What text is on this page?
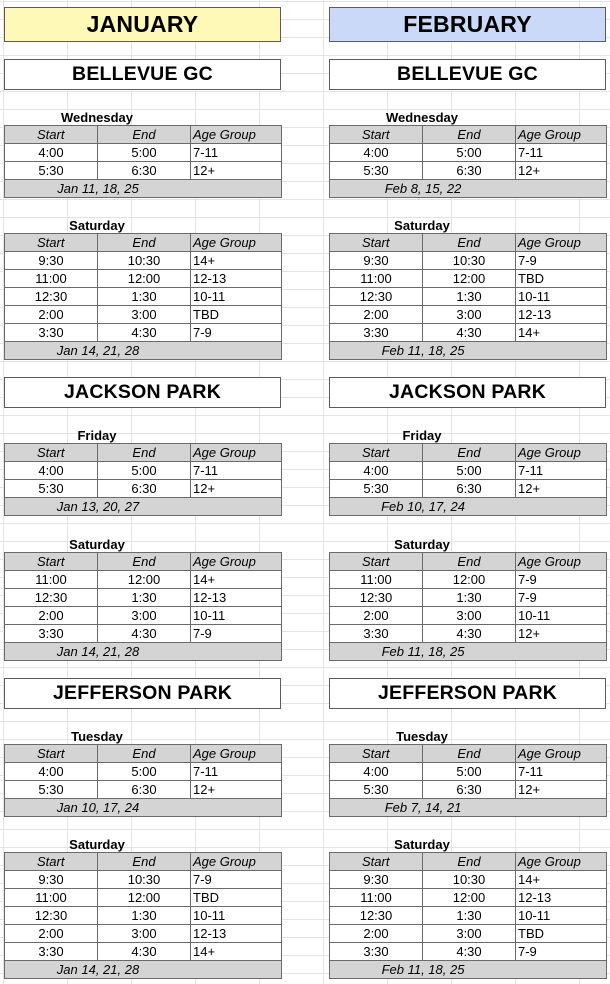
JANUARY
BELLEVUE GC
Wednesday
Start	End	Age Group
4:00	5:00	7-11
5:30	6:30	12+
Jan 11, 18, 25		
Saturday
Start	End	Age Group
9:30	10:30	14+
11:00	12:00	12-13
12:30	1:30	10-11
2:00	3:00	TBD
3:30	4:30	7-9
Jan 14, 21, 28		
JACKSON PARK
Friday
Start	End	Age Group
4:00	5:00	7-11
5:30	6:30	12+
Jan 13, 20, 27		
Saturday
Start	End	Age Group
11:00	12:00	14+
12:30	1:30	12-13
2:00	3:00	10-11
3:30	4:30	7-9
Jan 14, 21, 28		
JEFFERSON PARK
Tuesday
Start	End	Age Group
4:00	5:00	7-11
5:30	6:30	12+
Jan 10, 17, 24		
Saturday
Start	End	Age Group
9:30	10:30	7-9
11:00	12:00	TBD
12:30	1:30	10-11
2:00	3:00	12-13
3:30	4:30	14+
Jan 14, 21, 28		
FEBRUARY
BELLEVUE GC
Wednesday
Start	End	Age Group
4:00	5:00	7-11
5:30	6:30	12+
Feb 8, 15, 22		
Saturday
Start	End	Age Group
9:30	10:30	7-9
11:00	12:00	TBD
12:30	1:30	10-11
2:00	3:00	12-13
3:30	4:30	14+
Feb 11, 18, 25		
JACKSON PARK
Friday
Start	End	Age Group
4:00	5:00	7-11
5:30	6:30	12+
Feb 10, 17, 24		
Saturday
Start	End	Age Group
11:00	12:00	7-9
12:30	1:30	7-9
2:00	3:00	10-11
3:30	4:30	12+
Feb 11, 18, 25		
JEFFERSON PARK
Tuesday
Start	End	Age Group
4:00	5:00	7-11
5:30	6:30	12+
Feb 7, 14, 21		
Saturday
Start	End	Age Group
9:30	10:30	14+
11:00	12:00	12-13
12:30	1:30	10-11
2:00	3:00	TBD
3:30	4:30	7-9
Feb 11, 18, 25		
